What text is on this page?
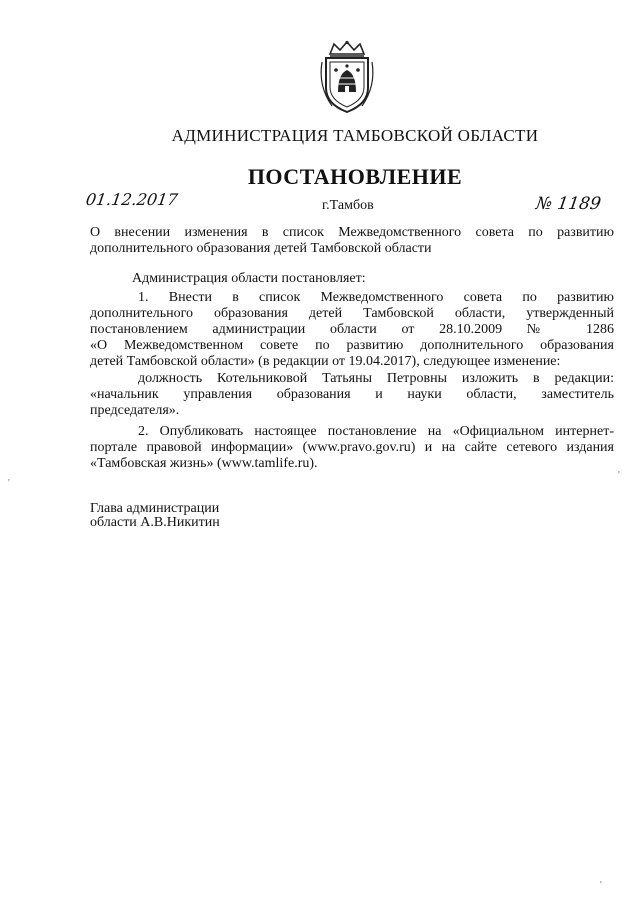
АДМИНИСТРАЦИЯ ТАМБОВСКОЙ ОБЛАСТИ
ПОСТАНОВЛЕНИЕ
01.12.2017	г.Тамбов	№ 1189
О внесении изменения в список Межведомственного совета по развитию
дополнительного образования детей Тамбовской области
Администрация области постановляет:
1. Внести в список Межведомственного совета по развитию
дополнительного образования детей Тамбовской области, утвержденный
постановлением администрации области от 28.10.2009 № 1286
«О Межведомственном совете по развитию дополнительного образования
детей Тамбовской области» (в редакции от 19.04.2017), следующее изменение:
должность Котельниковой Татьяны Петровны изложить в редакции:
«начальник управления образования и науки области, заместитель
председателя».
2. Опубликовать настоящее постановление на «Официальном интернет-
портале правовой информации» (www.pravo.gov.ru) и на сайте сетевого издания
«Тамбовская жизнь» (www.tamlife.ru).
Глава администрации
области А.В.Никитин
'
'
'
